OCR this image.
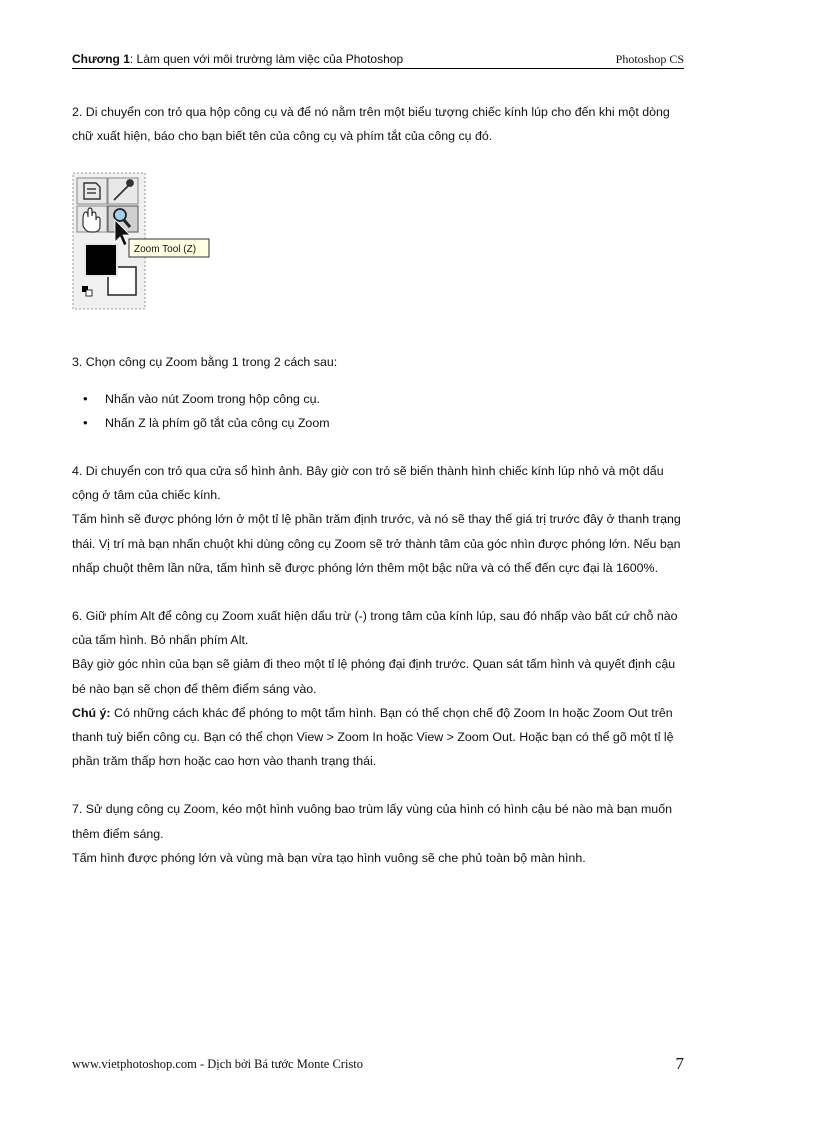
Chương 1: Làm quen với môi trường làm việc của Photoshop	Photoshop CS

2. Di chuyển con trỏ qua hộp công cụ và để nó nằm trên một biểu tượng chiếc kính lúp cho đến khi một dòng chữ xuất hiện, báo cho bạn biết tên của công cụ và phím tắt của công cụ đó.

Zoom Tool (Z)

3. Chọn công cụ Zoom bằng 1 trong 2 cách sau:

• Nhấn vào nút Zoom trong hộp công cụ.
• Nhấn Z là phím gõ tắt của công cụ Zoom

4. Di chuyển con trỏ qua cửa sổ hình ảnh. Bây giờ con trỏ sẽ biến thành hình chiếc kính lúp nhỏ và một dấu cộng ở tâm của chiếc kính.

Tấm hình sẽ được phóng lớn ở một tỉ lệ phần trăm định trước, và nó sẽ thay thế giá trị trước đây ở thanh trạng thái. Vị trí mà bạn nhấn chuột khi dùng công cụ Zoom sẽ trở thành tâm của góc nhìn được phóng lớn. Nếu bạn nhấp chuột thêm lần nữa, tấm hình sẽ được phóng lớn thêm một bậc nữa và có thể đến cực đại là 1600%.

6. Giữ phím Alt để công cụ Zoom xuất hiện dấu trừ (-) trong tâm của kính lúp, sau đó nhấp vào bất cứ chỗ nào của tấm hình. Bỏ nhấn phím Alt.

Bây giờ góc nhìn của bạn sẽ giảm đi theo một tỉ lệ phóng đại định trước. Quan sát tấm hình và quyết định cậu bé nào bạn sẽ chọn để thêm điểm sáng vào.

Chú ý: Có những cách khác để phóng to một tấm hình. Bạn có thể chọn chế độ Zoom In hoặc Zoom Out trên thanh tuỳ biến công cụ. Bạn có thể chọn View > Zoom In hoặc View > Zoom Out. Hoặc bạn có thể gõ một tỉ lệ phần trăm thấp hơn hoặc cao hơn vào thanh trạng thái.

7. Sử dụng công cụ Zoom, kéo một hình vuông bao trùm lấy vùng của hình có hình cậu bé nào mà bạn muốn thêm điểm sáng.

Tấm hình được phóng lớn và vùng mà bạn vừa tạo hình vuông sẽ che phủ toàn bộ màn hình.

www.vietphotoshop.com - Dịch bởi Bá tước Monte Cristo	7
